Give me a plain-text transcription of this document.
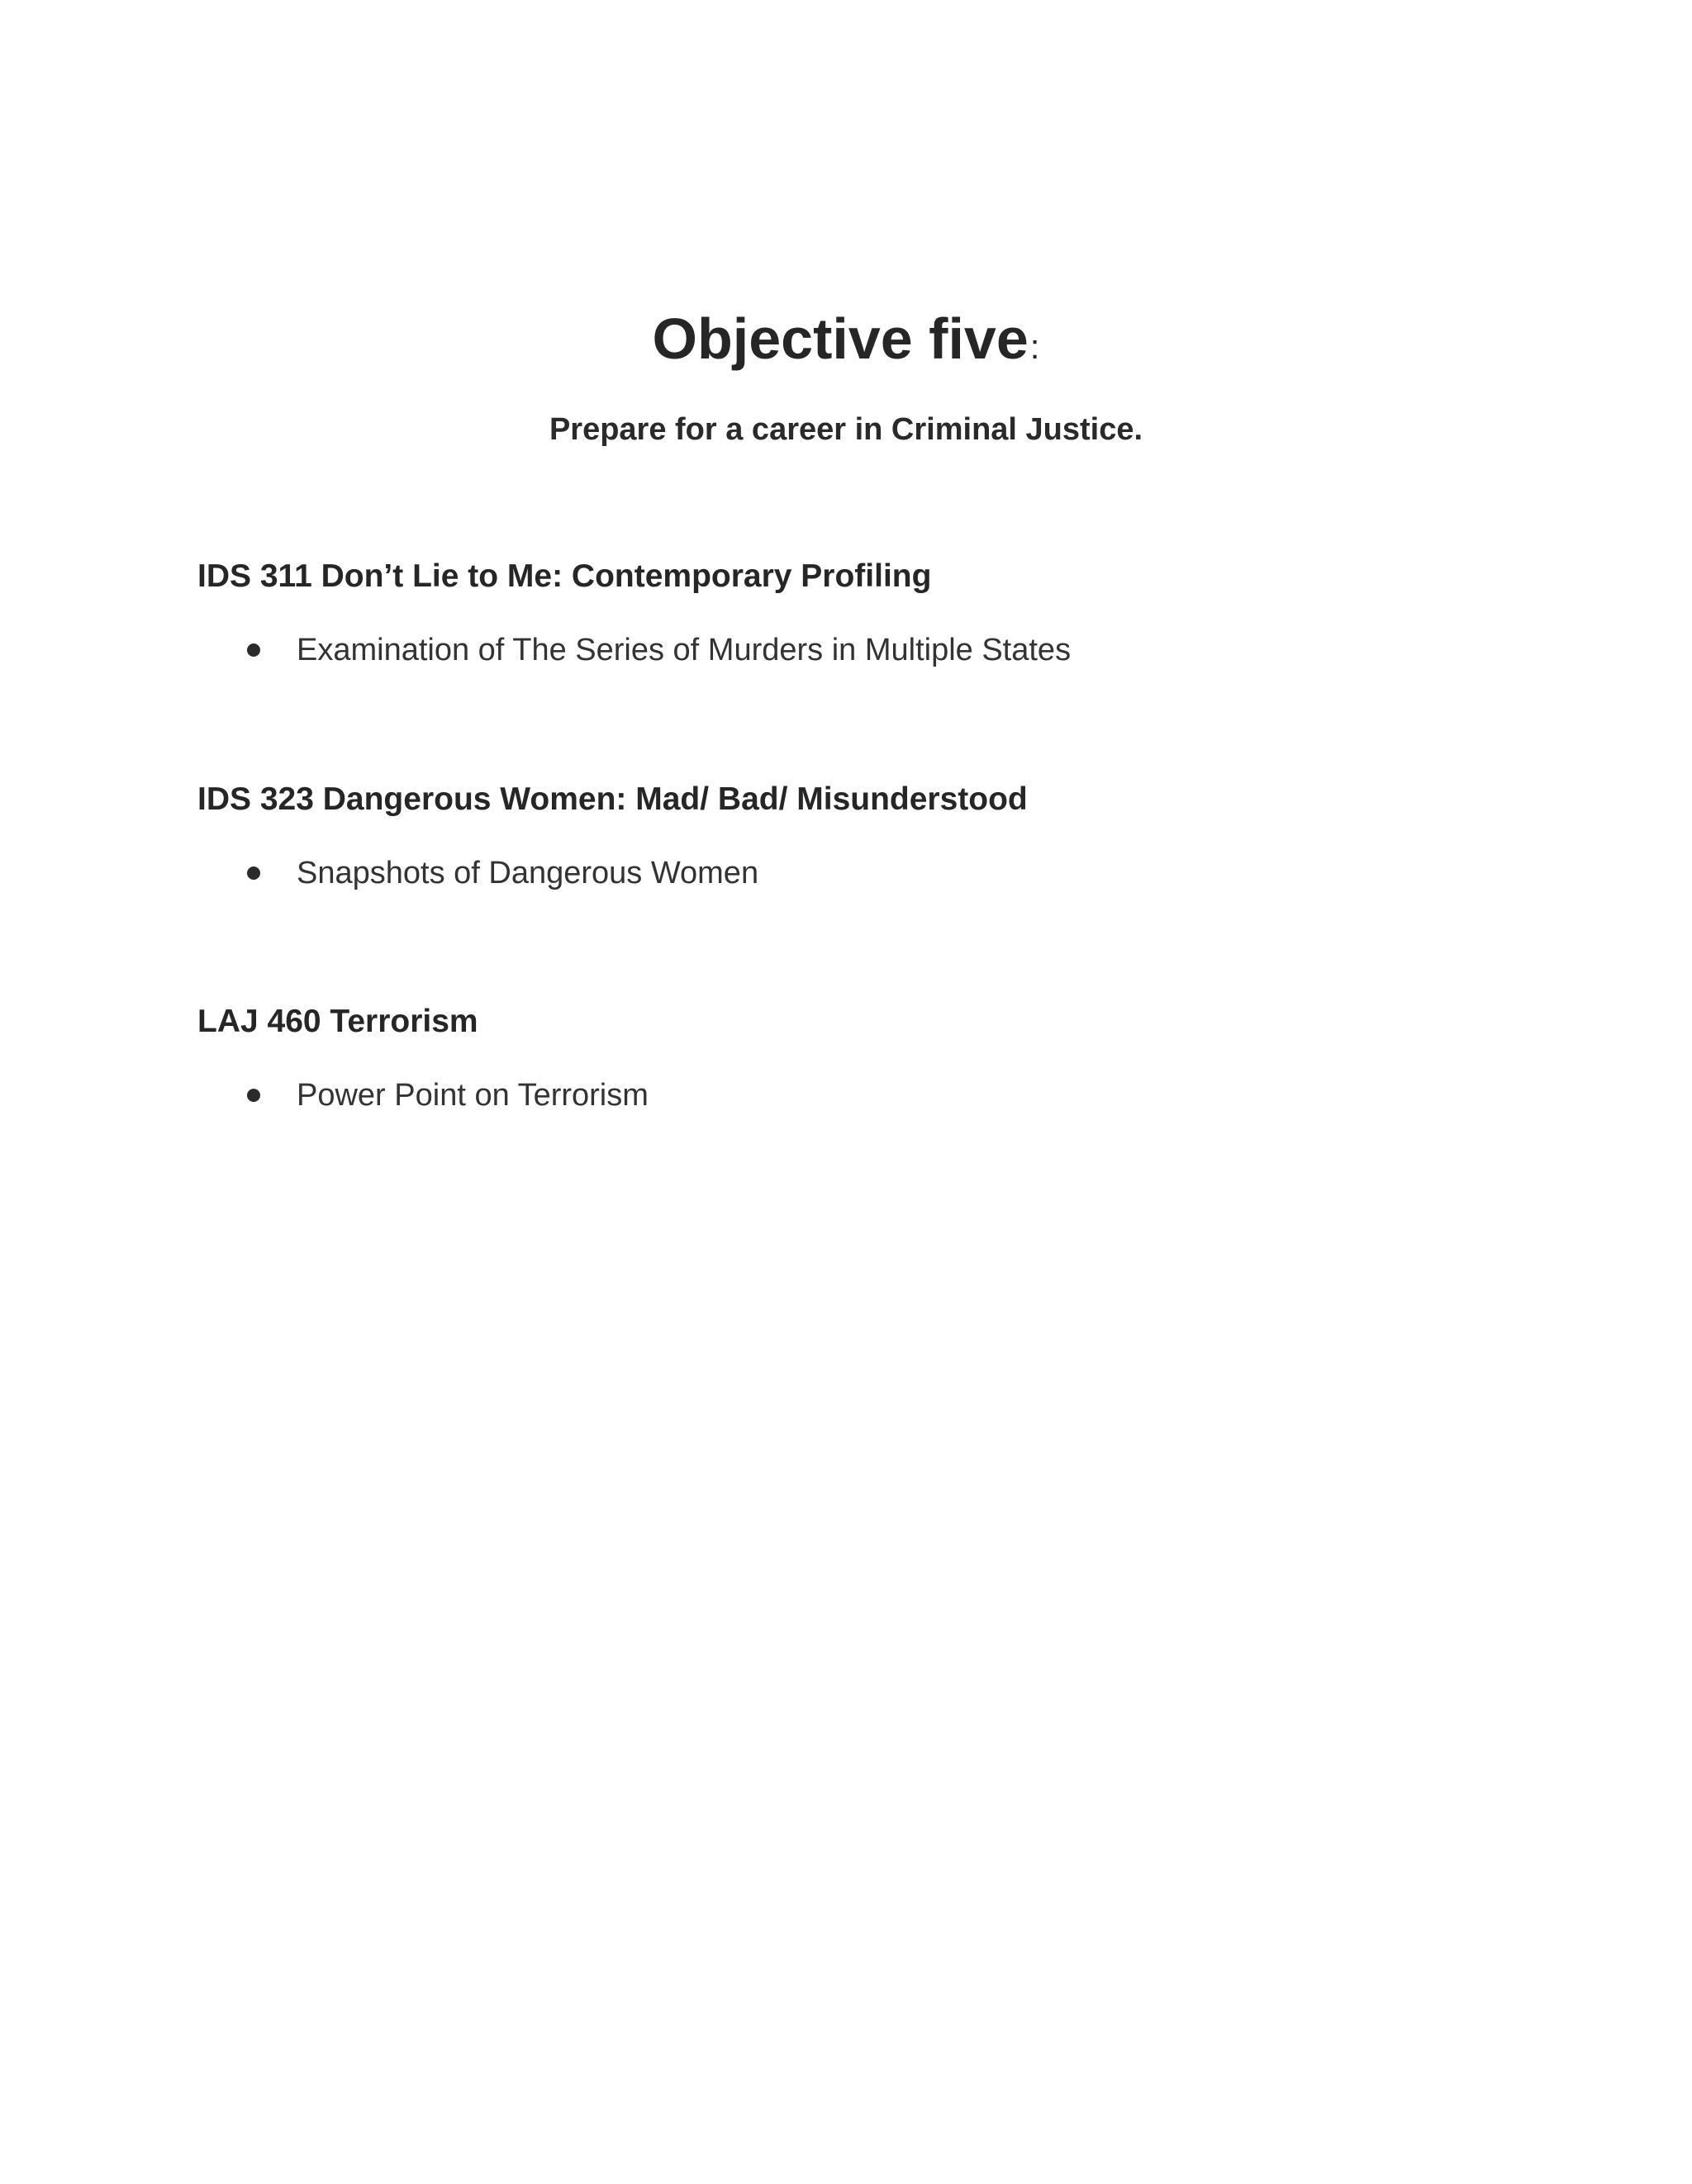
Objective five:
Prepare for a career in Criminal Justice.
IDS 311 Don’t Lie to Me: Contemporary Profiling
Examination of The Series of Murders in Multiple States
IDS 323 Dangerous Women: Mad/ Bad/ Misunderstood
Snapshots of Dangerous Women
LAJ 460 Terrorism
Power Point on Terrorism
